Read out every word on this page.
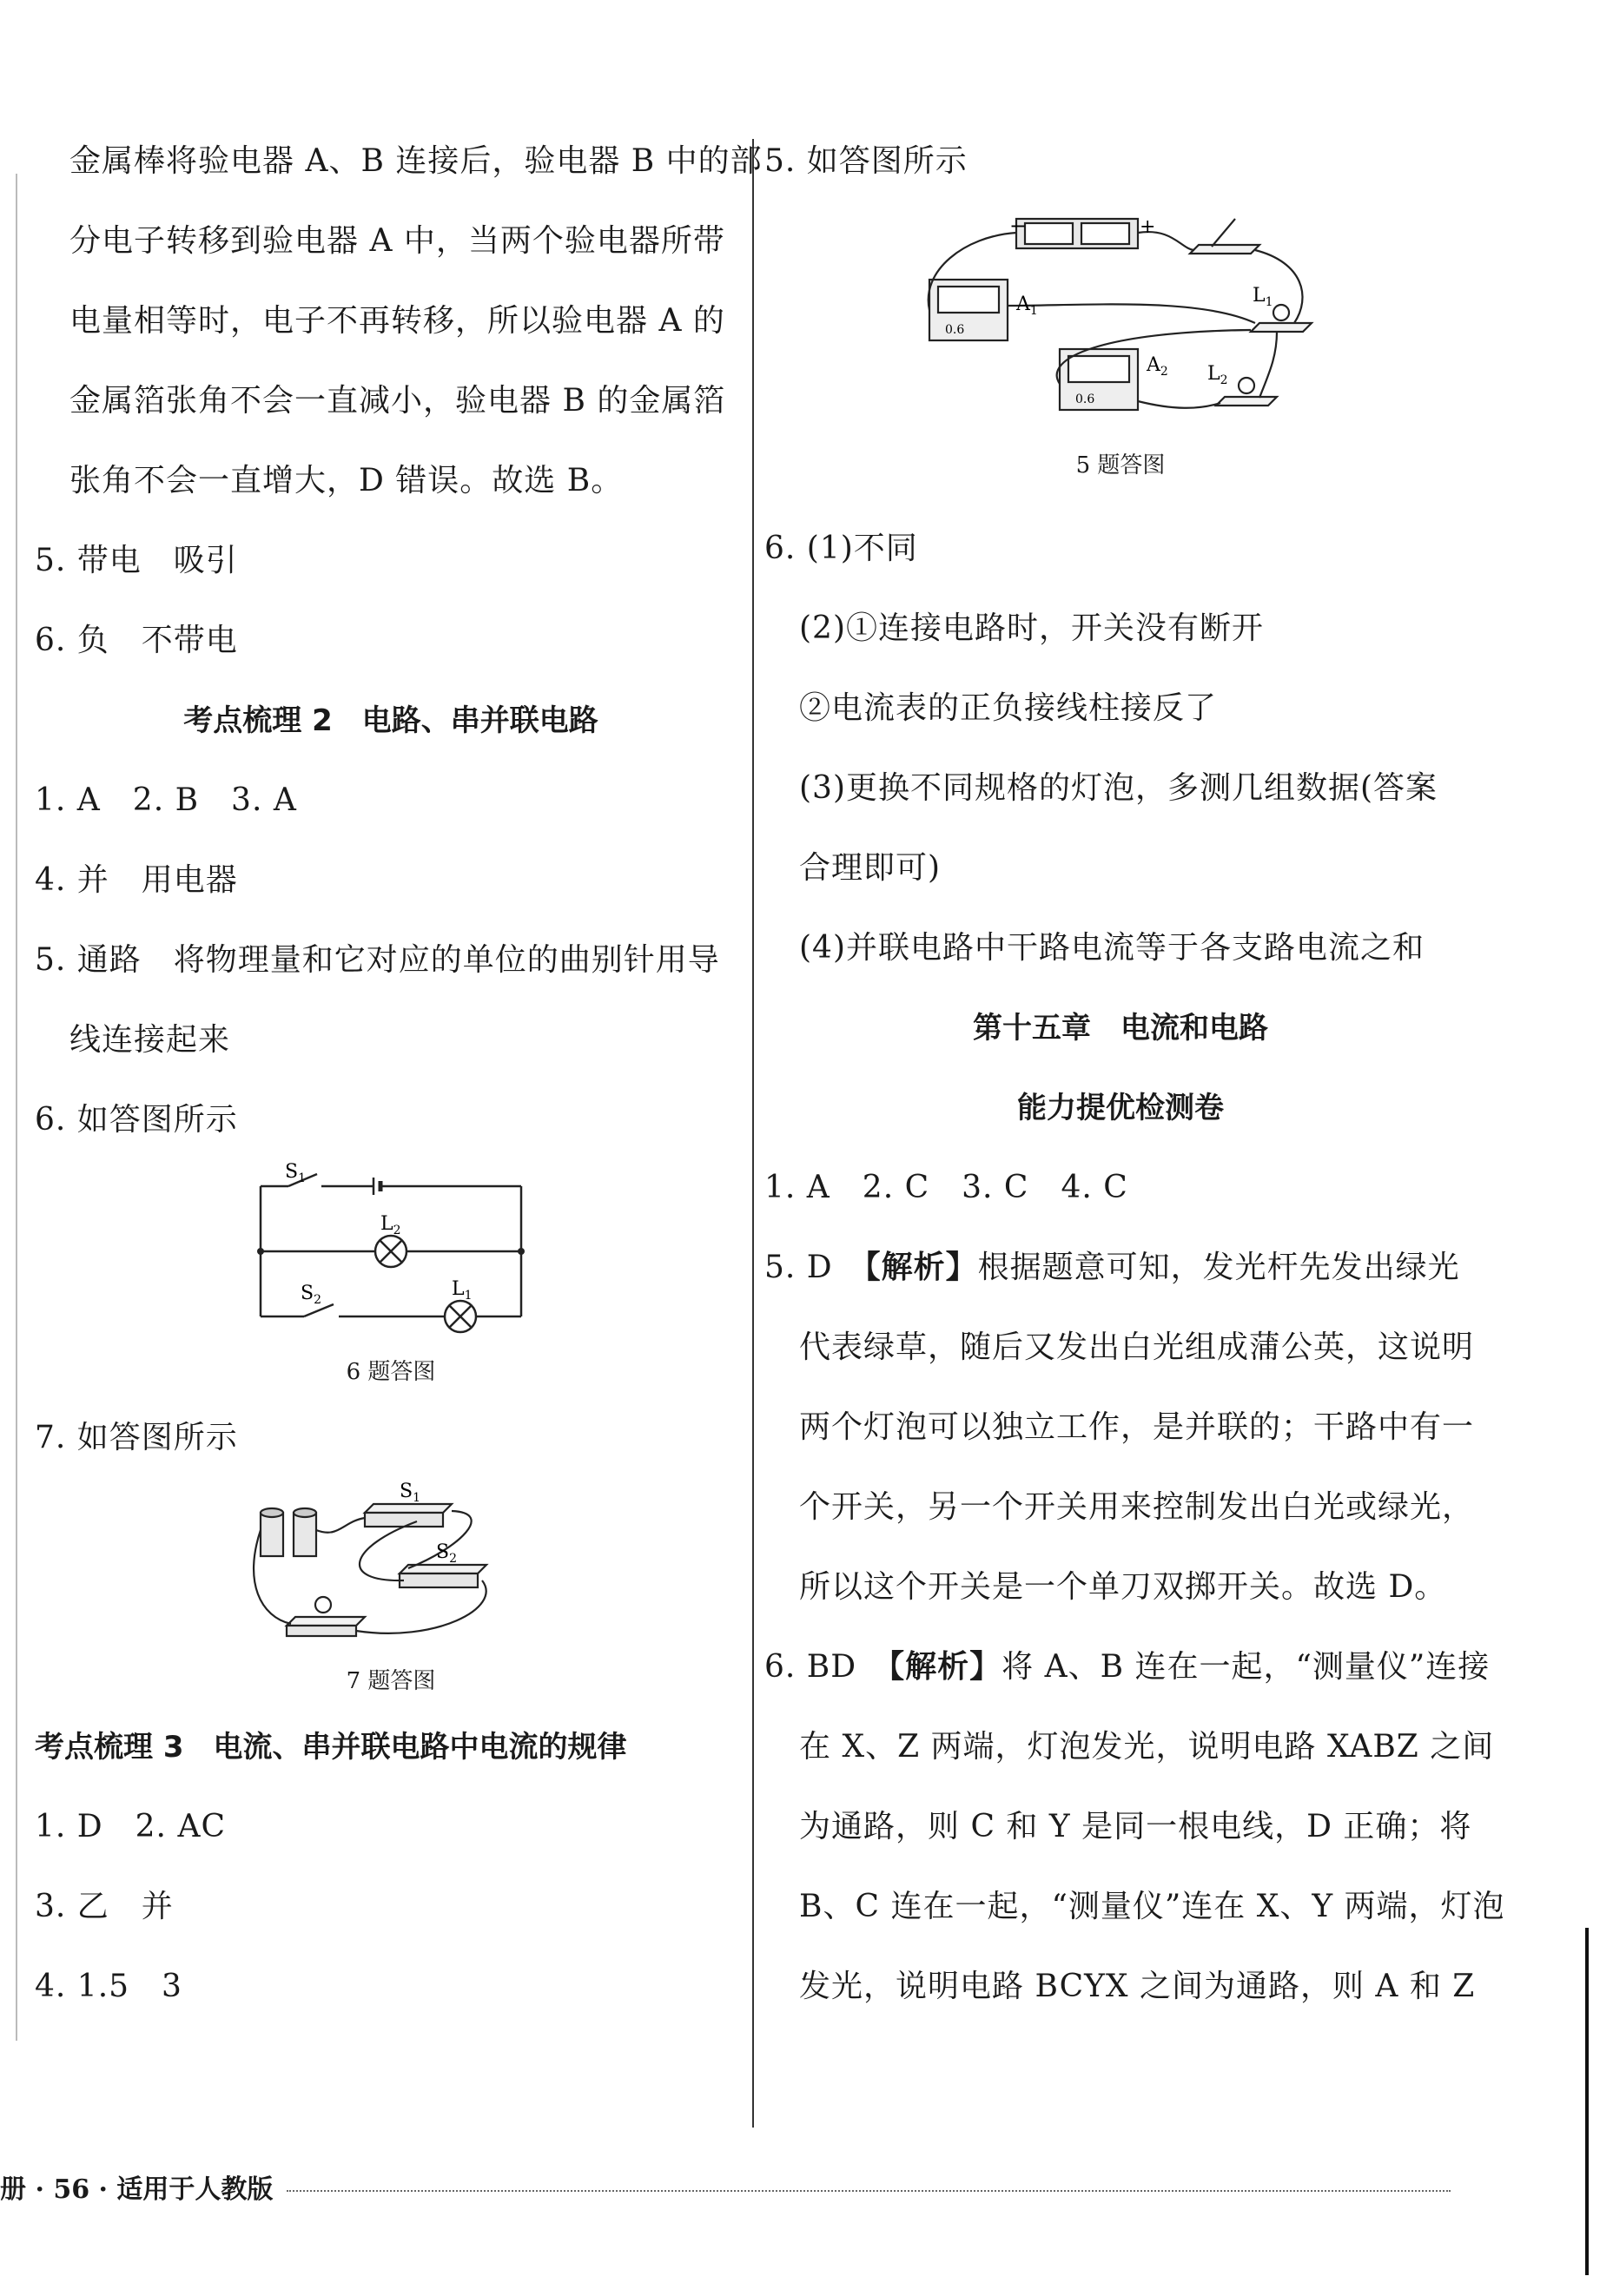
金属棒将验电器 A、B 连接后，验电器 B 中的部
分电子转移到验电器 A 中，当两个验电器所带
电量相等时，电子不再转移，所以验电器 A 的
金属箔张角不会一直减小，验电器 B 的金属箔
张角不会一直增大，D 错误。故选 B。
5. 带电　吸引
6. 负　不带电
考点梳理 2　电路、串并联电路
1. A　2. B　3. A
4. 并　用电器
5. 通路　将物理量和它对应的单位的曲别针用导
线连接起来
6. 如答图所示
$S_1$
$L_2$
$S_2$	$L_1$
6 题答图
7. 如答图所示
$S_1$
$S_2$
7 题答图
考点梳理 3　电流、串并联电路中电流的规律
1. D　2. AC
3. 乙　并
4. 1.5　3
5. 如答图所示
−	+
$A_1$
$A_2$
$L_1$
$L_2$
0.6
0.6
5 题答图
6. (1)不同
(2)①连接电路时，开关没有断开
②电流表的正负接线柱接反了
(3)更换不同规格的灯泡，多测几组数据(答案
合理即可)
(4)并联电路中干路电流等于各支路电流之和
第十五章　电流和电路
能力提优检测卷
1. A　2. C　3. C　4. C
5. D　【解析】根据题意可知，发光杆先发出绿光
代表绿草，随后又发出白光组成蒲公英，这说明
两个灯泡可以独立工作，是并联的；干路中有一
个开关，另一个开关用来控制发出白光或绿光，
所以这个开关是一个单刀双掷开关。故选 D。
6. BD　【解析】将 A、B 连在一起，“测量仪”连接
在 X、Z 两端，灯泡发光，说明电路 XABZ 之间
为通路，则 C 和 Y 是同一根电线，D 正确；将
B、C 连在一起，“测量仪”连在 X、Y 两端，灯泡
发光，说明电路 BCYX 之间为通路，则 A 和 Z
册 · 56 · 适用于人教版
